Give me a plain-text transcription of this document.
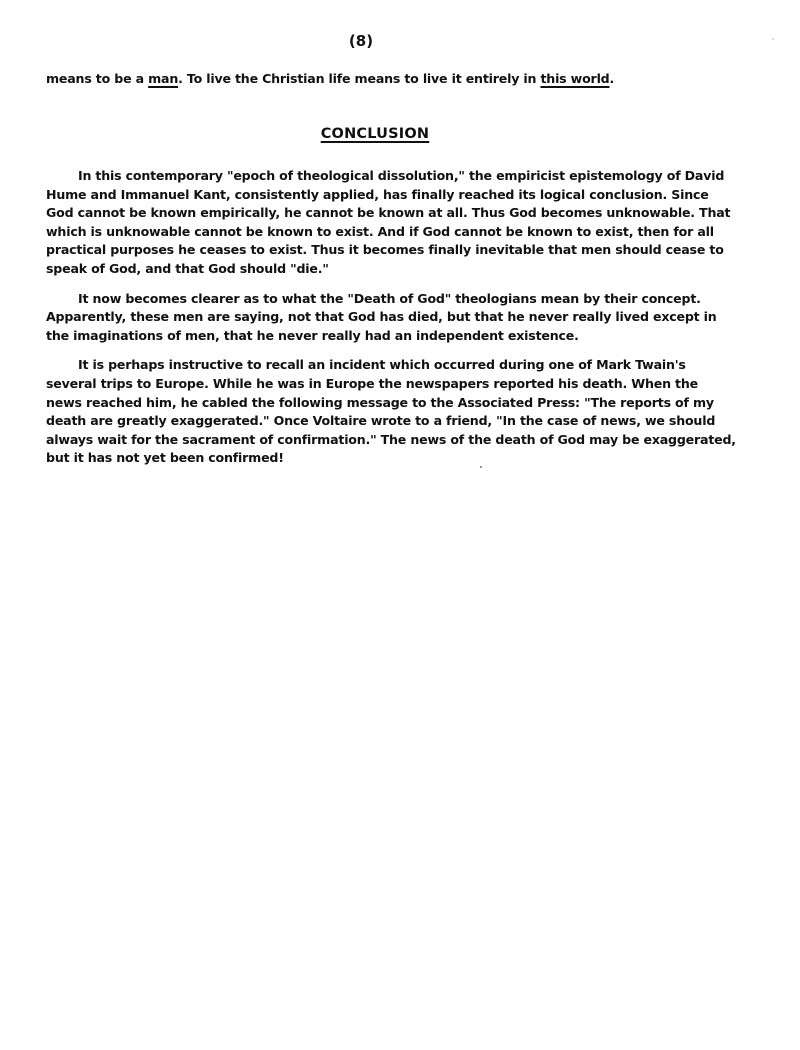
(8)
means to be a man. To live the Christian life means to live it entirely in this world.
CONCLUSION

In this contemporary "epoch of theological dissolution," the empiricist epistemology of David Hume and Immanuel Kant, consistently applied, has finally reached its logical conclusion. Since God cannot be known empirically, he cannot be known at all. Thus God becomes unknowable. That which is unknowable cannot be known to exist. And if God cannot be known to exist, then for all practical purposes he ceases to exist. Thus it becomes finally inevitable that men should cease to speak of God, and that God should "die."

It now becomes clearer as to what the "Death of God" theologians mean by their concept. Apparently, these men are saying, not that God has died, but that he never really lived except in the imaginations of men, that he never really had an independent existence.

It is perhaps instructive to recall an incident which occurred during one of Mark Twain's several trips to Europe. While he was in Europe the newspapers reported his death. When the news reached him, he cabled the following message to the Associated Press: "The reports of my death are greatly exaggerated." Once Voltaire wrote to a friend, "In the case of news, we should always wait for the sacrament of confirmation." The news of the death of God may be exaggerated, but it has not yet been confirmed!
